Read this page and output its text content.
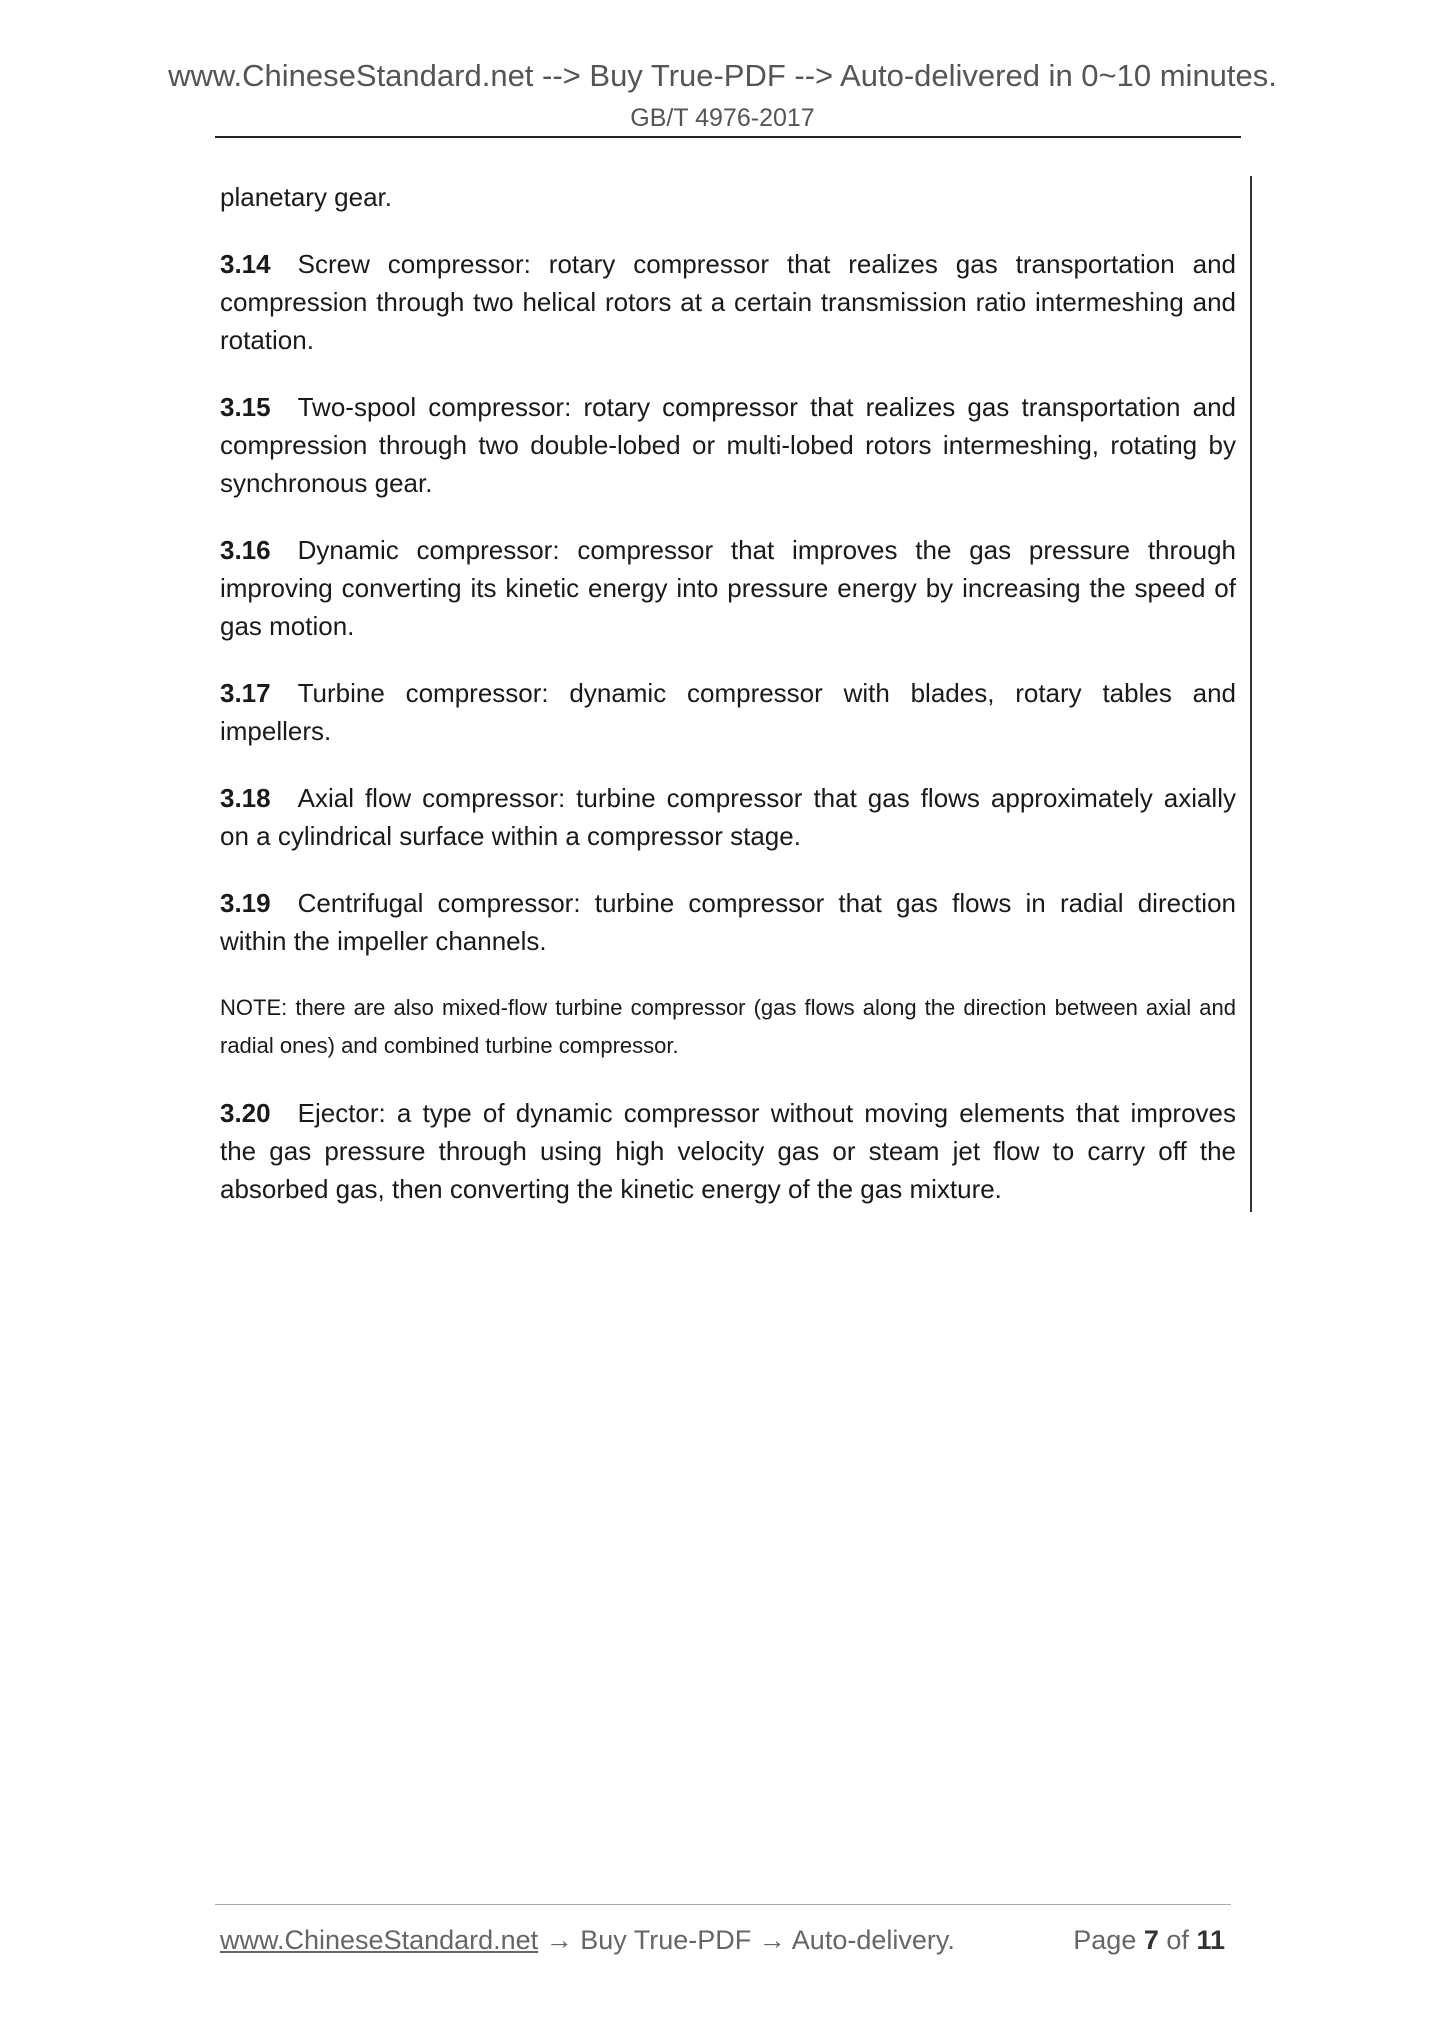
www.ChineseStandard.net --> Buy True-PDF --> Auto-delivered in 0~10 minutes.
GB/T 4976-2017

planetary gear.

3.14 Screw compressor: rotary compressor that realizes gas transportation and compression through two helical rotors at a certain transmission ratio intermeshing and rotation.

3.15 Two-spool compressor: rotary compressor that realizes gas transportation and compression through two double-lobed or multi-lobed rotors intermeshing, rotating by synchronous gear.

3.16 Dynamic compressor: compressor that improves the gas pressure through improving converting its kinetic energy into pressure energy by increasing the speed of gas motion.

3.17 Turbine compressor: dynamic compressor with blades, rotary tables and impellers.

3.18 Axial flow compressor: turbine compressor that gas flows approximately axially on a cylindrical surface within a compressor stage.

3.19 Centrifugal compressor: turbine compressor that gas flows in radial direction within the impeller channels.

NOTE: there are also mixed-flow turbine compressor (gas flows along the direction between axial and radial ones) and combined turbine compressor.

3.20 Ejector: a type of dynamic compressor without moving elements that improves the gas pressure through using high velocity gas or steam jet flow to carry off the absorbed gas, then converting the kinetic energy of the gas mixture.

www.ChineseStandard.net → Buy True-PDF → Auto-delivery.	Page 7 of 11
